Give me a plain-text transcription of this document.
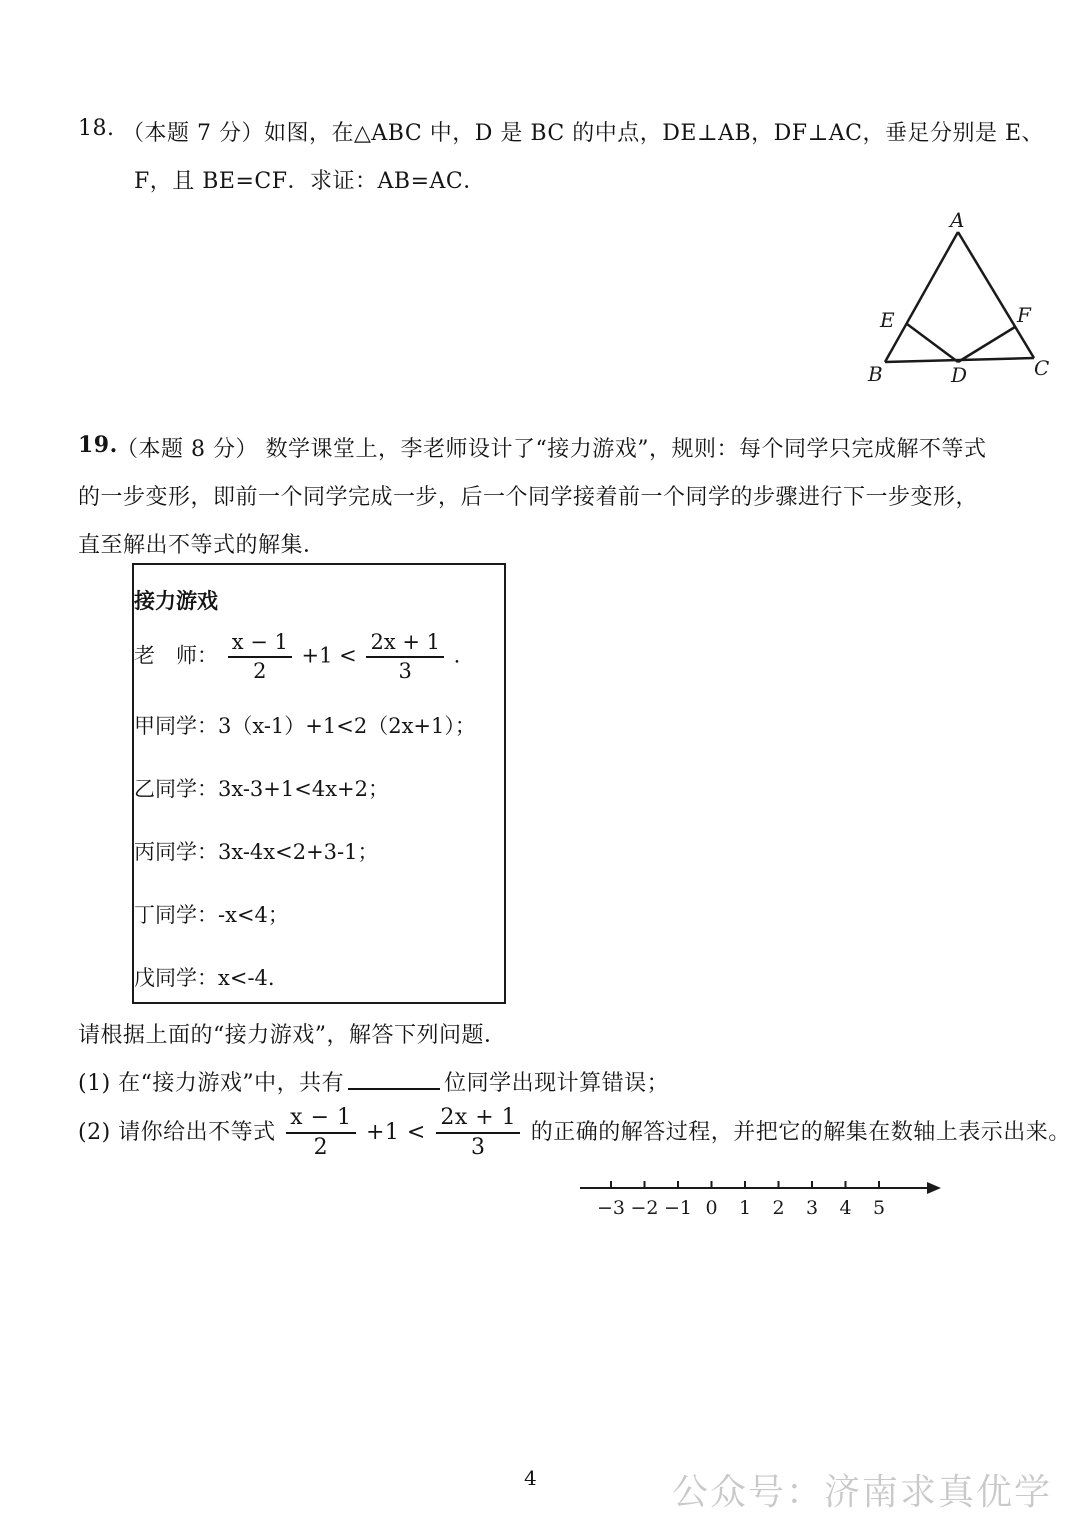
18. （本题 7 分）如图，在△ABC 中，D 是 BC 的中点，DE⊥AB，DF⊥AC，垂足分别是 E、
F，且 BE=CF．求证：AB=AC．
A
B	C
D
E	F
19.
（本题 8 分） 数学课堂上，李老师设计了“接力游戏”，规则：每个同学只完成解不等式
的一步变形，即前一个同学完成一步，后一个同学接着前一个同学的步骤进行下一步变形，
直至解出不等式的解集．
接力游戏
老　师： $\frac{x - 1}{2} +1 < \frac{2x + 1}{3}$ .
甲同学：3（x-1）+1<2（2x+1）；
乙同学：3x-3+1<4x+2；
丙同学：3x-4x<2+3-1；
丁同学：-x<4；
戊同学：x<-4.
请根据上面的“接力游戏”，解答下列问题．
(1) 在“接力游戏”中，共有	位同学出现计算错误；
(2) 请你给出不等式 $\frac{x - 1}{2} +1 < \frac{2x + 1}{3}$ 的正确的解答过程，并把它的解集在数轴上表示出来。
−3 −2 −1 0 1 2 3 4 5
4	公众号：济南求真优学
